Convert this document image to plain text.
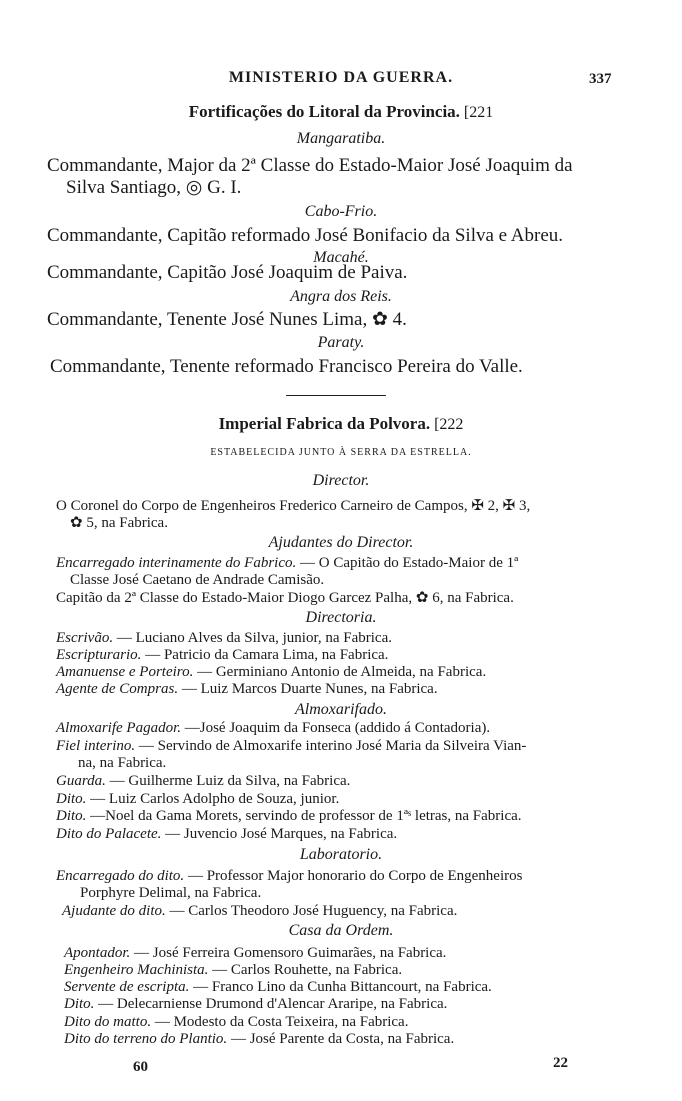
MINISTERIO DA GUERRA.	337
Fortificações do Litoral da Provincia. [221
Mangaratiba.
Commandante, Major da 2ª Classe do Estado-Maior José Joaquim da
Silva Santiago, ◎ G. I.
Cabo-Frio.
Commandante, Capitão reformado José Bonifacio da Silva e Abreu.
Macahé.
Commandante, Capitão José Joaquim de Paiva.
Angra dos Reis.
Commandante, Tenente José Nunes Lima, ✿ 4.
Paraty.
Commandante, Tenente reformado Francisco Pereira do Valle.
Imperial Fabrica da Polvora. [222
ESTABELECIDA JUNTO À SERRA DA ESTRELLA.
Director.
O Coronel do Corpo de Engenheiros Frederico Carneiro de Campos, ✠ 2, ✠ 3,
✿ 5, na Fabrica.
Ajudantes do Director.
Encarregado interinamente do Fabrico. — O Capitão do Estado-Maior de 1ª
Classe José Caetano de Andrade Camisão.
Capitão da 2ª Classe do Estado-Maior Diogo Garcez Palha, ✿ 6, na Fabrica.
Directoria.
Escrivão. — Luciano Alves da Silva, junior, na Fabrica.
Escripturario. — Patricio da Camara Lima, na Fabrica.
Amanuense e Porteiro. — Germiniano Antonio de Almeida, na Fabrica.
Agente de Compras. — Luiz Marcos Duarte Nunes, na Fabrica.
Almoxarifado.
Almoxarife Pagador. —José Joaquim da Fonseca (addido á Contadoria).
Fiel interino. — Servindo de Almoxarife interino José Maria da Silveira Vian-
na, na Fabrica.
Guarda. — Guilherme Luiz da Silva, na Fabrica.
Dito. — Luiz Carlos Adolpho de Souza, junior.
Dito. —Noel da Gama Morets, servindo de professor de 1ªˢ letras, na Fabrica.
Dito do Palacete. — Juvencio José Marques, na Fabrica.
Laboratorio.
Encarregado do dito. — Professor Major honorario do Corpo de Engenheiros
Porphyre Delimal, na Fabrica.
Ajudante do dito. — Carlos Theodoro José Huguency, na Fabrica.
Casa da Ordem.
Apontador. — José Ferreira Gomensoro Guimarães, na Fabrica.
Engenheiro Machinista. — Carlos Rouhette, na Fabrica.
Servente de escripta. — Franco Lino da Cunha Bittancourt, na Fabrica.
Dito. — Delecarniense Drumond d'Alencar Araripe, na Fabrica.
Dito do matto. — Modesto da Costa Teixeira, na Fabrica.
Dito do terreno do Plantio. — José Parente da Costa, na Fabrica.
60	22
